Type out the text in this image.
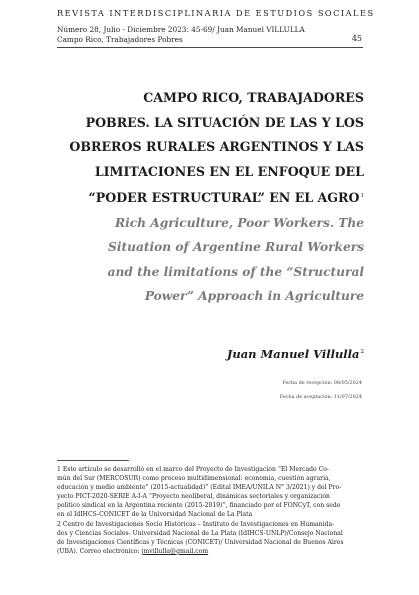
REVISTA INTERDISCIPLINARIA DE ESTUDIOS SOCIALES
Número 28, Julio - Diciembre 2023: 45-69/ Juan Manuel VILLULLA
Campo Rico, Trabajadores Pobres	45
CAMPO RICO, TRABAJADORES
POBRES. LA SITUACIÓN DE LAS Y LOS
OBREROS RURALES ARGENTINOS Y LAS
LIMITACIONES EN EL ENFOQUE DEL
“PODER ESTRUCTURAL” EN EL AGRO$^1$
Rich Agriculture, Poor Workers. The
Situation of Argentine Rural Workers
and the limitations of the “Structural
Power” Approach in Agriculture
Juan Manuel Villulla$^2$
Fecha de recepción: 08/05/2024
Fecha de aceptación: 11/07/2024
1 Este artículo se desarrolló en el marco del Proyecto de Investigación “El Mercado Co-
mún del Sur (MERCOSUR) como proceso multidimensional: economía, cuestión agraria,
educación y medio ambiente” (2015-actualidad)” (Edital IMEA/UNILA N° 3/2021) y del Pro-
yecto PICT-2020-SERIE A-I-A “Proyecto neoliberal, dinámicas sectoriales y organización
político sindical en la Argentina reciente (2015-2019)”, financiado por el FONCyT, con sede
en el IdIHCS-CONICET de la Universidad Nacional de La Plata
2 Centro de Investigaciones Socio Históricas – Instituto de Investigaciones en Humanida-
des y Ciencias Sociales- Universidad Nacional de La Plata (IdIHCS-UNLP)/Consejo Nacional
de Investigaciones Científicas y Técnicas (CONICET)/ Universidad Nacional de Buenos Aires
(UBA). Correo electrónico: jmvillulla@gmail.com
